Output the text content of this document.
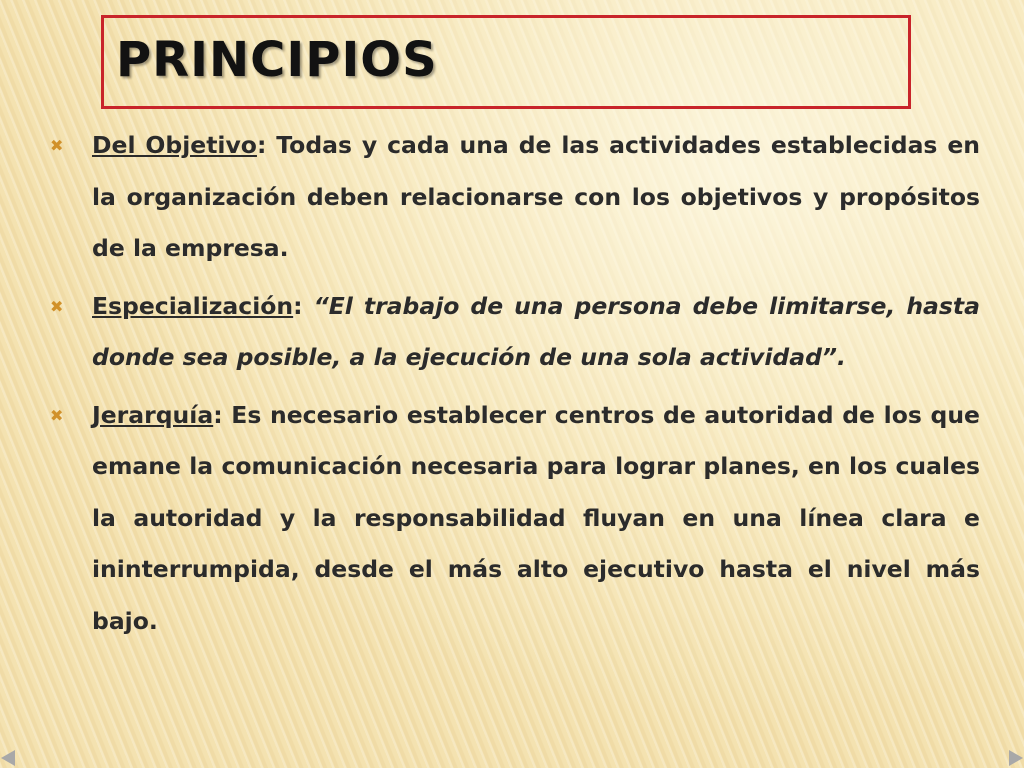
PRINCIPIOS
✖	Del Objetivo: Todas y cada una de las actividades establecidas en la organización deben relacionarse con los objetivos y propósitos de la empresa.
✖	Especialización: “El trabajo de una persona debe limitarse, hasta donde sea posible, a la ejecución de una sola actividad”.
✖	Jerarquía: Es necesario establecer centros de autoridad de los que emane la comunicación necesaria para lograr planes, en los cuales la autoridad y la responsabilidad fluyan en una línea clara e ininterrumpida, desde el más alto ejecutivo hasta el nivel más bajo.
